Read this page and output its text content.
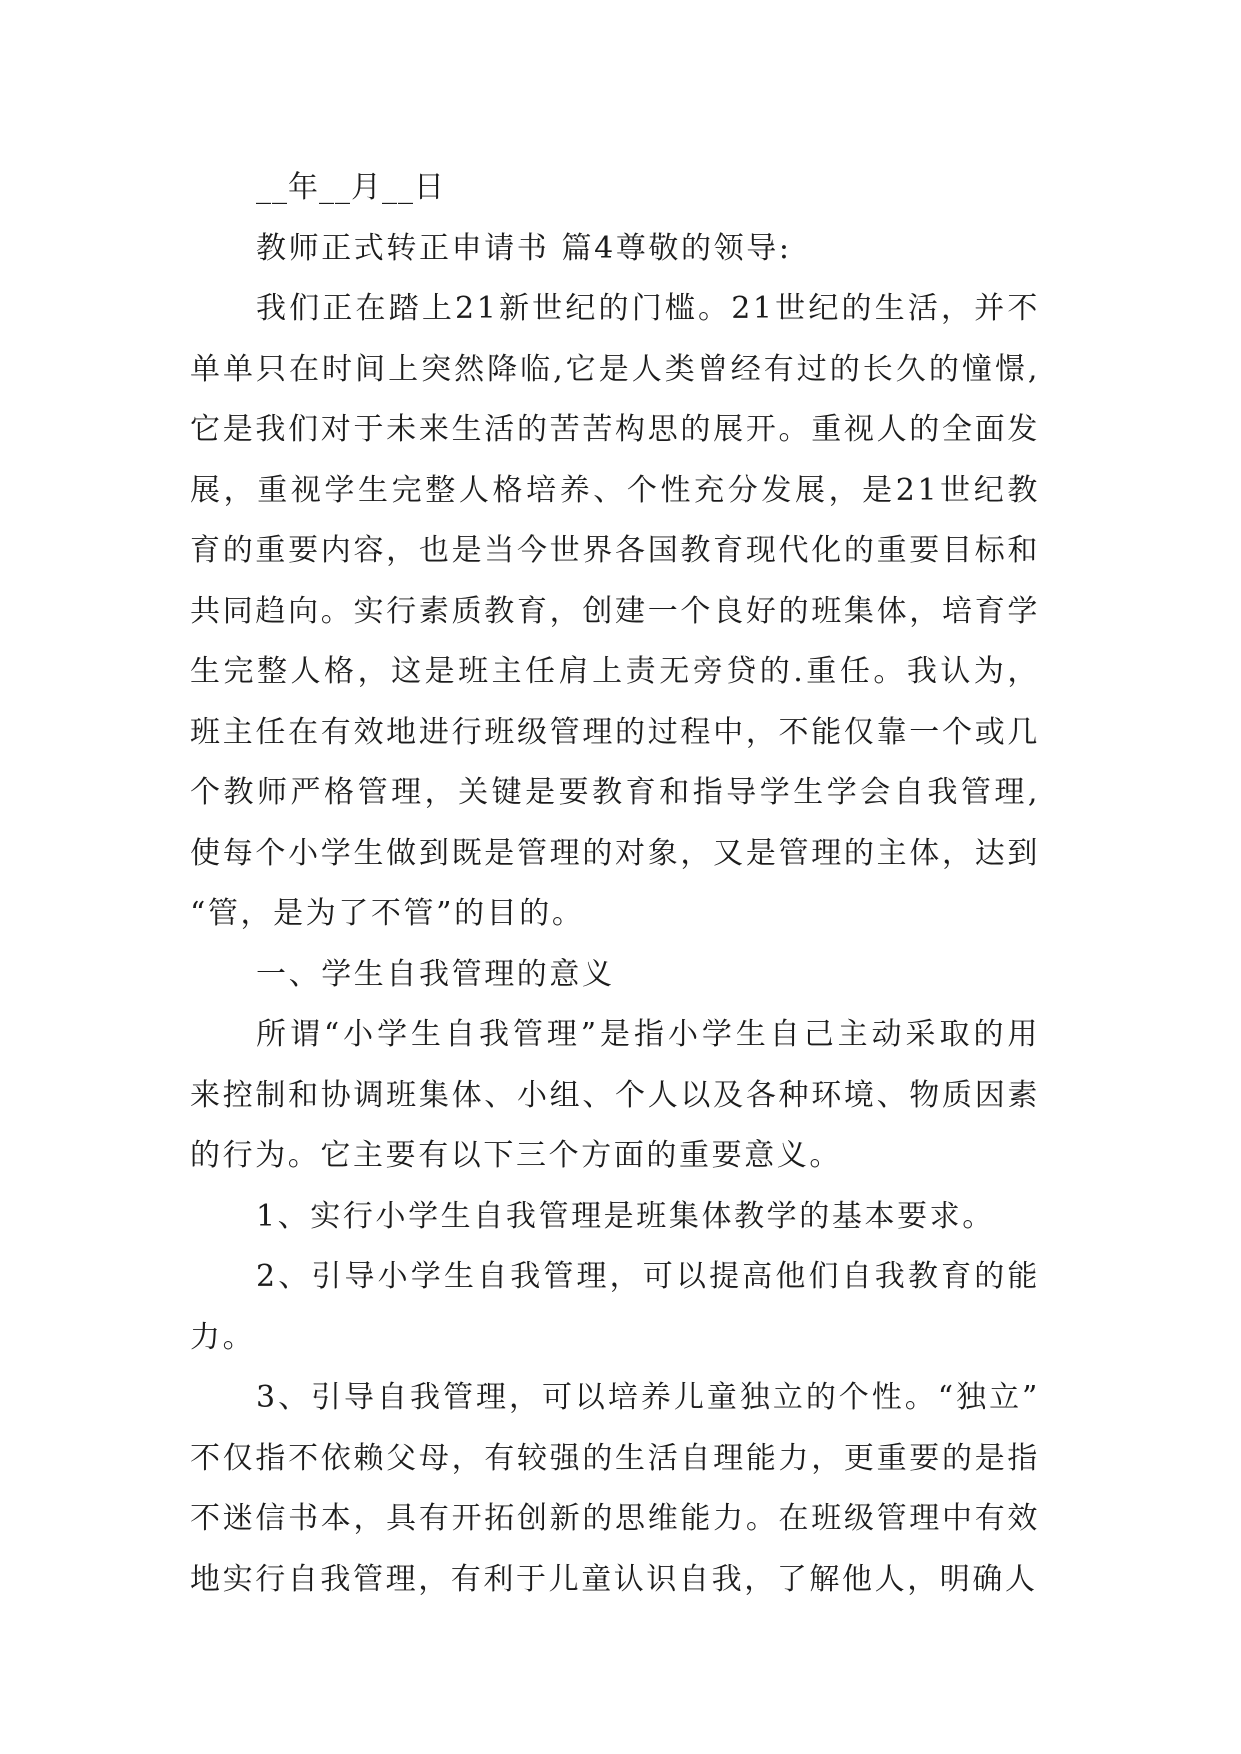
__年__月__日

教师正式转正申请书 篇4尊敬的领导:

我们正在踏上21新世纪的门槛。21世纪的生活，并不单单只在时间上突然降临,它是人类曾经有过的长久的憧憬,它是我们对于未来生活的苦苦构思的展开。重视人的全面发展，重视学生完整人格培养、个性充分发展，是21世纪教育的重要内容，也是当今世界各国教育现代化的重要目标和共同趋向。实行素质教育，创建一个良好的班集体，培育学生完整人格，这是班主任肩上责无旁贷的.重任。我认为，班主任在有效地进行班级管理的过程中，不能仅靠一个或几个教师严格管理，关键是要教育和指导学生学会自我管理,使每个小学生做到既是管理的对象，又是管理的主体，达到“管，是为了不管”的目的。

一、学生自我管理的意义

所谓“小学生自我管理”是指小学生自己主动采取的用来控制和协调班集体、小组、个人以及各种环境、物质因素的行为。它主要有以下三个方面的重要意义。

1、实行小学生自我管理是班集体教学的基本要求。

2、引导小学生自我管理，可以提高他们自我教育的能力。

3、引导自我管理，可以培养儿童独立的个性。“独立”不仅指不依赖父母，有较强的生活自理能力，更重要的是指不迷信书本，具有开拓创新的思维能力。在班级管理中有效地实行自我管理，有利于儿童认识自我，了解他人，明确人
